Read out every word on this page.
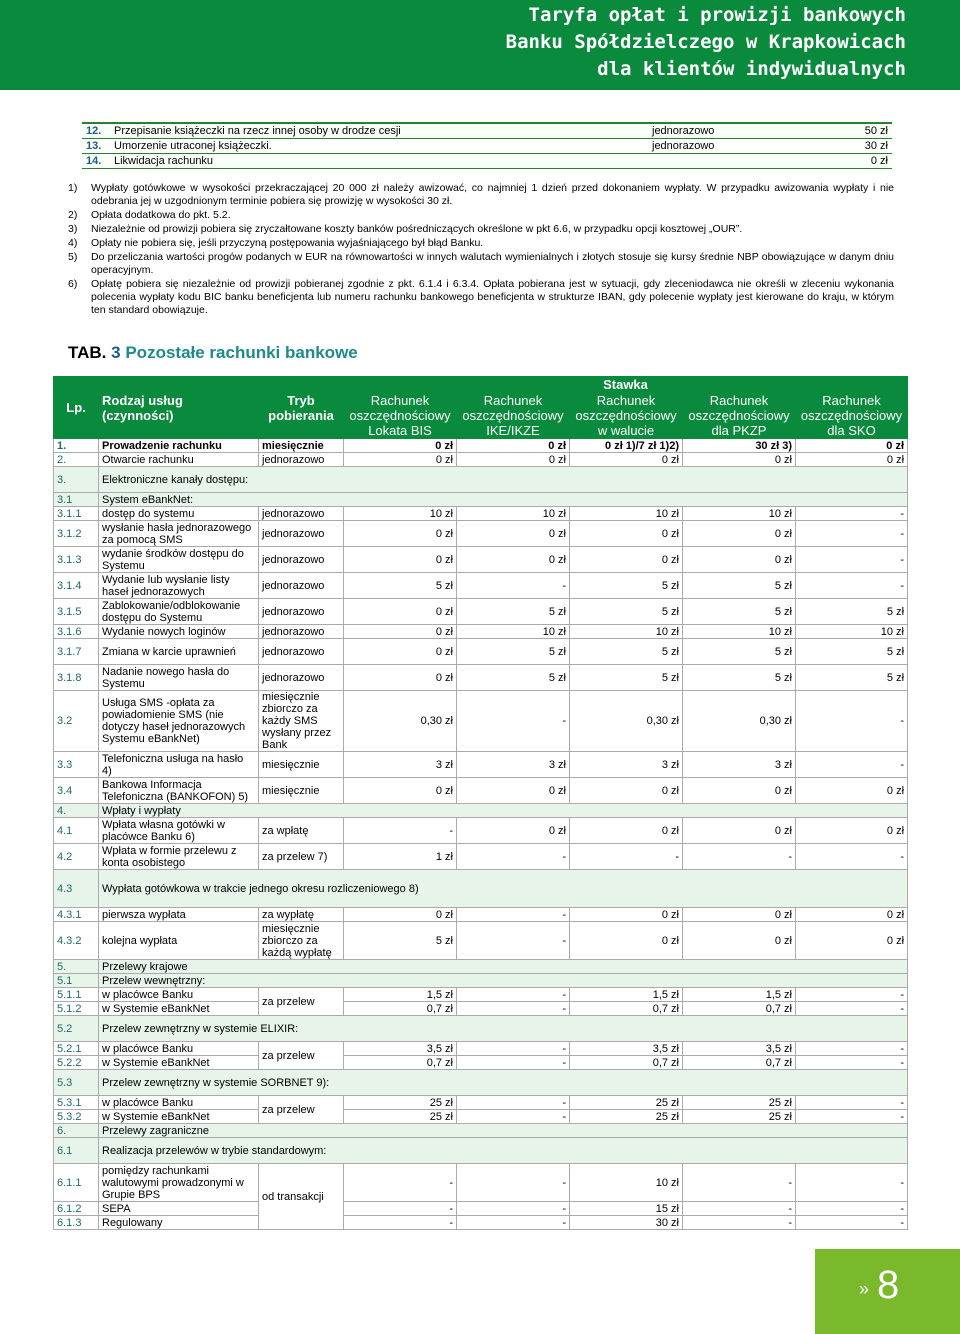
Taryfa opłat i prowizji bankowych
Banku Spółdzielczego w Krapkowicach
dla klientów indywidualnych
12.	Przepisanie książeczki na rzecz innej osoby w drodze cesji	jednorazowo	50 zł
13.	Umorzenie utraconej książeczki.	jednorazowo	30 zł
14.	Likwidacja rachunku		0 zł
1)	Wypłaty gotówkowe w wysokości przekraczającej 20 000 zł należy awizować, co najmniej 1 dzień przed dokonaniem wypłaty. W przypadku awizowania wypłaty i nie odebrania jej w uzgodnionym terminie pobiera się prowizję w wysokości 30 zł.
2)	Opłata dodatkowa do pkt. 5.2.
3)	Niezależnie od prowizji pobiera się zryczałtowane koszty banków pośredniczących określone w pkt 6.6, w przypadku opcji kosztowej „OUR”.
4)	Opłaty nie pobiera się, jeśli przyczyną postępowania wyjaśniającego był błąd Banku.
5)	Do przeliczania wartości progów podanych w EUR na równowartości w innych walutach wymienialnych i złotych stosuje się kursy średnie NBP obowiązujące w danym dniu operacyjnym.
6)	Opłatę pobiera się niezależnie od prowizji pobieranej zgodnie z pkt. 6.1.4 i 6.3.4. Opłata pobierana jest w sytuacji, gdy zleceniodawca nie określi w zleceniu wykonania polecenia wypłaty kodu BIC banku beneficjenta lub numeru rachunku bankowego beneficjenta w strukturze IBAN, gdy polecenie wypłaty jest kierowane do kraju, w którym ten standard obowiązuje.
TAB. 3 Pozostałe rachunki bankowe
Lp.	Rodzaj usług (czynności)	Tryb pobierania	Stawka				
			Rachunek oszczędnościowy Lokata BIS	Rachunek oszczędnościowy IKE/IKZE	Rachunek oszczędnościowy w walucie	Rachunek oszczędnościowy dla PKZP	Rachunek oszczędnościowy dla SKO
1.	Prowadzenie rachunku	miesięcznie	0 zł	0 zł	0 zł 1)/7 zł 1)2)	30 zł 3)	0 zł
2.	Otwarcie rachunku	jednorazowo	0 zł	0 zł	0 zł	0 zł	0 zł
3.	Elektroniczne kanały dostępu:						
3.1	System eBankNet:						
3.1.1	dostęp do systemu	jednorazowo	10 zł	10 zł	10 zł	10 zł	-
3.1.2	wysłanie hasła jednorazowego za pomocą SMS	jednorazowo	0 zł	0 zł	0 zł	0 zł	-
3.1.3	wydanie środków dostępu do Systemu	jednorazowo	0 zł	0 zł	0 zł	0 zł	-
3.1.4	Wydanie lub wysłanie listy haseł jednorazowych	jednorazowo	5 zł	-	5 zł	5 zł	-
3.1.5	Zablokowanie/odblokowanie dostępu do Systemu	jednorazowo	0 zł	5 zł	5 zł	5 zł	5 zł
3.1.6	Wydanie nowych loginów	jednorazowo	0 zł	10 zł	10 zł	10 zł	10 zł
3.1.7	Zmiana w karcie uprawnień	jednorazowo	0 zł	5 zł	5 zł	5 zł	5 zł
3.1.8	Nadanie nowego hasła do Systemu	jednorazowo	0 zł	5 zł	5 zł	5 zł	5 zł
3.2	Usługa SMS -opłata za powiadomienie SMS (nie dotyczy haseł jednorazowych Systemu eBankNet)	miesięcznie zbiorczo za każdy SMS wysłany przez Bank	0,30 zł	-	0,30 zł	0,30 zł	-
3.3	Telefoniczna usługa na hasło 4)	miesięcznie	3 zł	3 zł	3 zł	3 zł	-
3.4	Bankowa Informacja Telefoniczna (BANKOFON) 5)	miesięcznie	0 zł	0 zł	0 zł	0 zł	0 zł
4.	Wpłaty i wypłaty						
4.1	Wpłata własna gotówki w placówce Banku 6)	za wpłatę	-	0 zł	0 zł	0 zł	0 zł
4.2	Wpłata w formie przelewu z konta osobistego	za przelew 7)	1 zł	-	-	-	-
4.3	Wypłata gotówkowa w trakcie jednego okresu rozliczeniowego 8)						
4.3.1	pierwsza wypłata	za wypłatę	0 zł	-	0 zł	0 zł	0 zł
4.3.2	kolejna wypłata	miesięcznie zbiorczo za każdą wypłatę	5 zł	-	0 zł	0 zł	0 zł
5.	Przelewy krajowe						
5.1	Przelew wewnętrzny:						
5.1.1	w placówce Banku	za przelew	1,5 zł	-	1,5 zł	1,5 zł	-
5.1.2	w Systemie eBankNet		0,7 zł	-	0,7 zł	0,7 zł	-
5.2	Przelew zewnętrzny w systemie ELIXIR:						
5.2.1	w placówce Banku	za przelew	3,5 zł	-	3,5 zł	3,5 zł	-
5.2.2	w Systemie eBankNet		0,7 zł	-	0,7 zł	0,7 zł	-
5.3	Przelew zewnętrzny w systemie SORBNET 9):						
5.3.1	w placówce Banku	za przelew	25 zł	-	25 zł	25 zł	-
5.3.2	w Systemie eBankNet		25 zł	-	25 zł	25 zł	-
6.	Przelewy zagraniczne						
6.1	Realizacja przelewów w trybie standardowym:						
6.1.1	pomiędzy rachunkami walutowymi prowadzonymi w Grupie BPS	od transakcji	-	-	10 zł	-	-
6.1.2	SEPA		-	-	15 zł	-	-
6.1.3	Regulowany		-	-	30 zł	-	-
» 8
